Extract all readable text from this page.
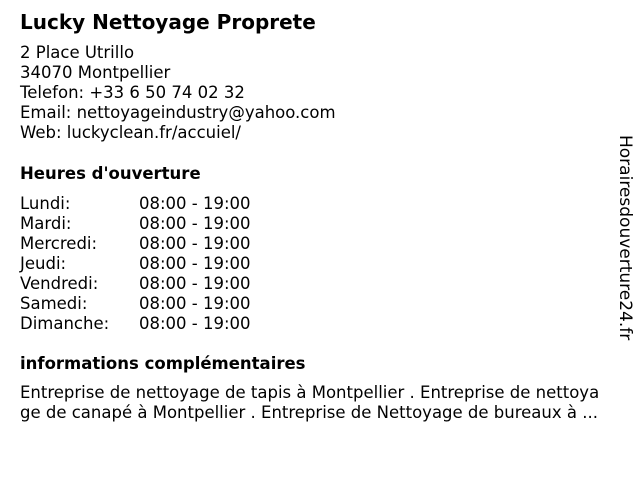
Lucky Nettoyage Proprete
2 Place Utrillo
34070 Montpellier
Telefon: +33 6 50 74 02 32
Email: nettoyageindustry@yahoo.com
Web: luckyclean.fr/accuiel/
Heures d'ouverture
Lundi:	08:00 - 19:00
Mardi:	08:00 - 19:00
Mercredi:	08:00 - 19:00
Jeudi:	08:00 - 19:00
Vendredi: 08:00 - 19:00
Samedi:	08:00 - 19:00
Dimanche: 08:00 - 19:00
informations complémentaires
Entreprise de nettoyage de tapis à Montpellier . Entreprise de nettoya
ge de canapé à Montpellier . Entreprise de Nettoyage de bureaux à ...
Horairesdouverture24.fr
